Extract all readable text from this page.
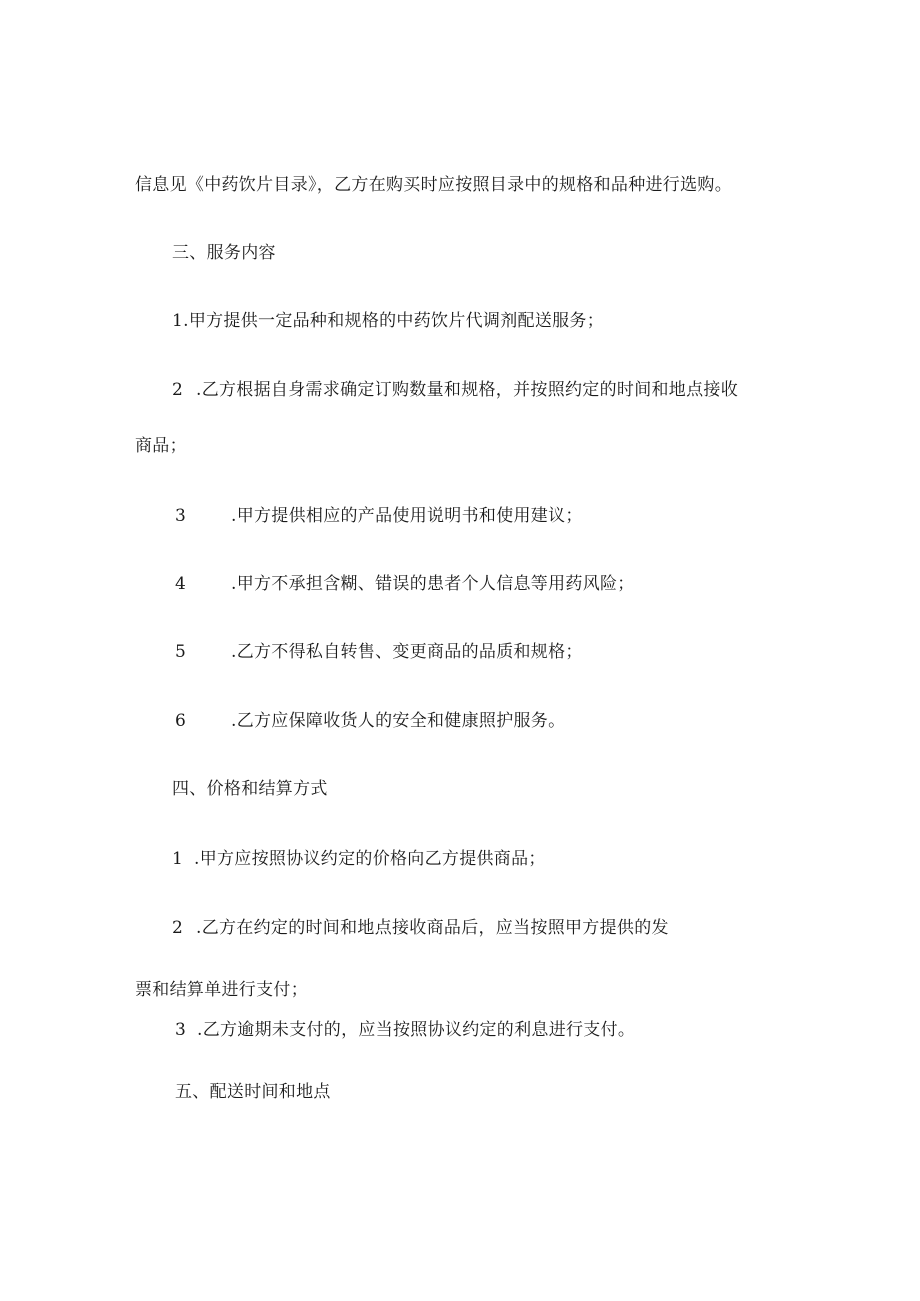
信息见《中药饮片目录》，乙方在购买时应按照目录中的规格和品种进行选购。
三、服务内容
1.甲方提供一定品种和规格的中药饮片代调剂配送服务；
2 .乙方根据自身需求确定订购数量和规格，并按照约定的时间和地点接收
商品；
3	.甲方提供相应的产品使用说明书和使用建议；
4	.甲方不承担含糊、错误的患者个人信息等用药风险；
5	.乙方不得私自转售、变更商品的品质和规格；
6	.乙方应保障收货人的安全和健康照护服务。
四、价格和结算方式
1 .甲方应按照协议约定的价格向乙方提供商品；
2 .乙方在约定的时间和地点接收商品后，应当按照甲方提供的发
票和结算单进行支付；
3 .乙方逾期未支付的，应当按照协议约定的利息进行支付。
五、配送时间和地点
